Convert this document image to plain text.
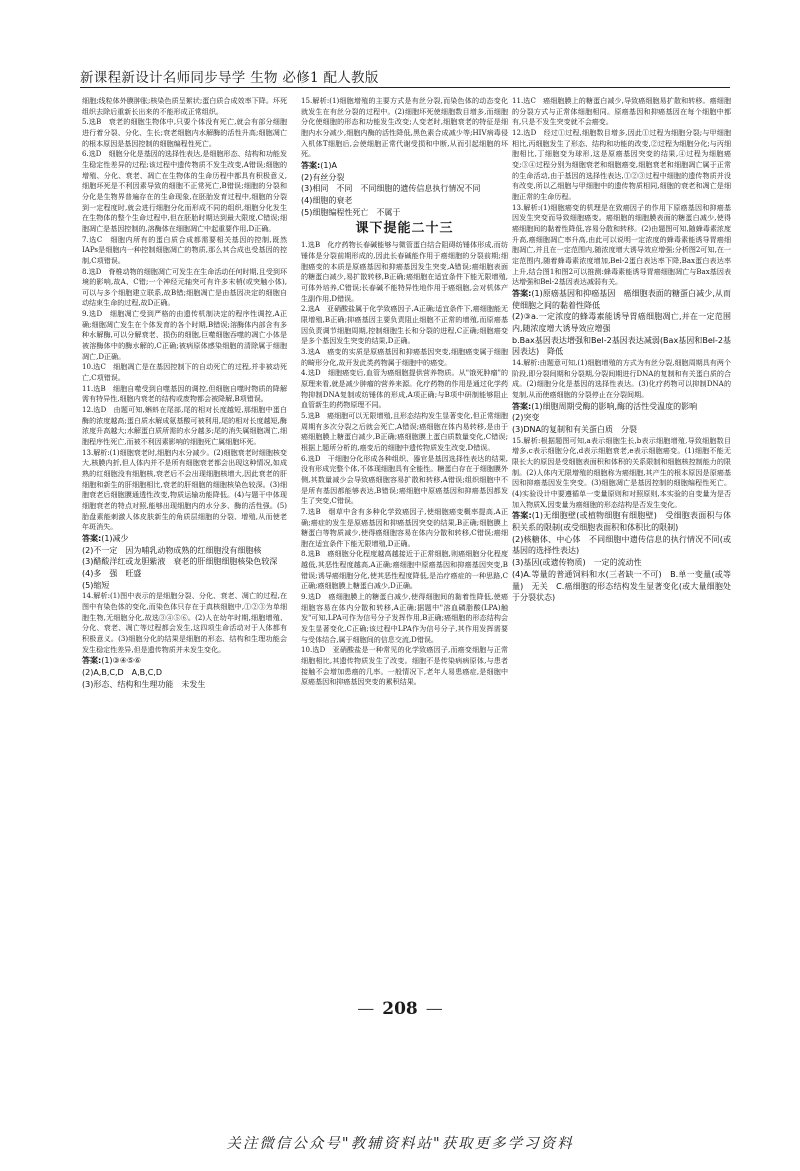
新课程新设计名师同步导学 生物 必修1 配人教版

细胞;线粒体外膜肿胀;核染色质呈絮状;蛋白质合成效率下降。坏死组织去除后重新长出来的不能形成正常组织。

5.选B　衰老的细胞生物体中,只要个体没有死亡,就会有部分细胞进行着分裂、分化、生长;衰老细胞内水解酶的活性升高;细胞凋亡的根本原因是基因控制的细胞编程性死亡。

6.选D　细胞分化是基因的选择性表达,是细胞形态、结构和功能发生稳定性差异的过程;该过程中遗传物质不发生改变,A错误;细胞的增殖、分化、衰老、凋亡在生物体的生命历程中都具有积极意义,细胞坏死是不利因素导致的细胞不正常死亡,B错误;细胞的分裂和分化是生物界普遍存在的生命现象,在胚胎发育过程中,细胞的分裂到一定程度时,就会进行细胞分化而形成不同的组织,细胞分化发生在生物体的整个生命过程中,但在胚胎时期达到最大限度,C错误;细胞凋亡是基因控制的,溶酶体在细胞凋亡中起重要作用,D正确。

7.选C　细胞内所有的蛋白质合成都需要相关基因的控制,既然IAPs是细胞内一种控制细胞凋亡的物质,那么其合成也受基因的控制,C项错误。

8.选D　脊椎动物的细胞凋亡可发生在生命活动任何时期,且受到环境的影响,故A、C错;一个神经元轴突可有许多末梢(或突触小体),可以与多个细胞建立联系,故B错;细胞凋亡是由基因决定的细胞自动结束生命的过程,故D正确。

9.选D　细胞凋亡受到严格的由遗传机制决定的程序性调控,A正确;细胞凋亡发生在个体发育的各个时期,B错误;溶酶体内部含有多种水解酶,可以分解衰老、损伤的细胞,巨噬细胞吞噬的凋亡小体是被溶酶体中的酶水解的,C正确;被病原体感染细胞的清除属于细胞凋亡,D正确。

10.选C　细胞凋亡是在基因控制下的自动死亡的过程,并非被动死亡,C项错误。

11.选B　细胞自噬受到自噬基因的调控,但细胞自噬时物质的降解需有特异性,细胞内衰老的结构或废物都会被降解,B项错误。

12.选D　由题可知,蝌蚪在尾部,尾的相对长度越短,那细胞中蛋白酶的浓度越高;蛋白质水解成氨基酸可被利用,尾的相对长度越短,酶浓度升高越大;水解蛋白质所需的水分越多;尾的消失属细胞凋亡,细胞程序性死亡,而被不利因素影响的细胞死亡属细胞坏死。

13.解析:(1)细胞衰老时,细胞内水分减少。(2)细胞衰老时细胞核变大,核膜内折,但人体内并不是所有细胞衰老都会出现这种情况,如成熟的红细胞没有细胞核,衰老后不会出现细胞核增大,因此衰老的肝细胞和新生的肝细胞相比,衰老的肝细胞的细胞核染色较深。(3)细胞衰老后细胞膜通透性改变,物质运输功能降低。(4)与题干中体现细胞衰老的特点对照,能够出现细胞内的水分多、酶的活性强。(5)胎盘素能刺激人体皮肤新生的角质层细胞的分裂、增殖,从而使老年斑消失。

答案:(1)减少

(2)不一定　因为哺乳动物成熟的红细胞没有细胞核

(3)醋酸洋红或龙胆紫液　衰老的肝细胞细胞核染色较深

(4)多　强　旺盛

(5)缩短

14.解析:(1)图中表示的是细胞分裂、分化、衰老、凋亡的过程,在图中有染色体的变化,而染色体只存在于真核细胞中,①②③为单细胞生物,无细胞分化,故选③④⑤⑥。(2)人在幼年时期,细胞增殖、分化、衰老、凋亡等过程都会发生,这四项生命活动对于人体都有积极意义。(3)细胞分化的结果是细胞的形态、结构和生理功能会发生稳定性差异,但是遗传物质并未发生变化。

答案:(1)③④⑤⑥

(2)A,B,C,D　A,B,C,D

(3)形态、结构和生理功能　未发生

15.解析:(1)细胞增殖的主要方式是有丝分裂,而染色体的动态变化就发生在有丝分裂的过程中。(2)细胞坏死使细胞数目增多,而细胞分化使细胞的形态和功能发生改变;人变老时,细胞衰老的特征是细胞内水分减少,细胞内酶的活性降低,黑色素合成减少等;HIV病毒侵入机体T细胞后,会使细胞正常代谢受损和中断,从而引起细胞的坏死。

答案:(1)A

(2)有丝分裂

(3)相同　不同　不同细胞的遗传信息执行情况不同

(4)细胞的衰老

(5)细胞编程性死亡　不属于

课下提能二十三

1.选B　化疗药物长春碱能够与微管蛋白结合阻碍纺锤体形成,而纺锤体是分裂前期形成的,因此长春碱能作用于癌细胞的分裂前期;细胞癌变的本质是原癌基因和抑癌基因发生突变,A错误;癌细胞表面的糖蛋白减少,易扩散转移,B正确;癌细胞在适宜条件下能无限增殖,可体外培养,C错误;长春碱不能特异性地作用于癌细胞,会对机体产生副作用,D错误。

2.选A　亚硝酸盐属于化学致癌因子,A正确;适宜条件下,癌细胞能无限增殖,B正确;抑癌基因主要负责阻止细胞不正常的增殖,而原癌基因负责调节细胞周期,控制细胞生长和分裂的进程,C正确;细胞癌变是多个基因发生突变的结果,D正确。

3.选A　癌变的实质是原癌基因和抑癌基因突变,细胞癌变属于细胞的畸形分化,故开发此类药物属于细胞中的癌变。

4.选D　细胞癌变后,血管为癌细胞提供营养物质。从"饿死肿瘤"的原理来看,就是减少肿瘤的营养来源。化疗药物的作用是通过化学药物抑制DNA复制或纺锤体的形成,A项正确;与B项中研制能够阻止血管新生的药物原理不同。

5.选B　癌细胞可以无限增殖,且形态结构发生显著变化,但正常细胞周期有多次分裂之后就会死亡,A错误;癌细胞在体内易转移,是由于癌细胞膜上糖蛋白减少,B正确;癌细胞膜上蛋白质数量变化,C错误;根据上题所分析的,癌变后的细胞中遗传物质发生改变,D错误。

6.选D　干细胞分化形成各种组织、器官是基因选择性表达的结果,没有形成完整个体,不体现细胞具有全能性。糖蛋白存在于细胞膜外侧,其数量减少会导致癌细胞容易扩散和转移,A错误;组织细胞中不是所有基因都能够表达,B错误;癌细胞中原癌基因和抑癌基因都发生了突变,C错误。

7.选B　烟草中含有多种化学致癌因子,使细胞癌变概率提高,A正确;癌症的发生是原癌基因和抑癌基因突变的结果,B正确;细胞膜上糖蛋白等物质减少,使得癌细胞容易在体内分散和转移,C错误;癌细胞在适宜条件下能无限增殖,D正确。

8.选B　癌细胞分化程度越高越接近于正常细胞,则癌细胞分化程度越低,其恶性程度越高,A正确;癌细胞中原癌基因和抑癌基因突变,B错误;诱导癌细胞分化,使其恶性程度降低,是治疗癌症的一种思路,C正确;癌细胞膜上糖蛋白减少,D正确。

9.选D　癌细胞膜上的糖蛋白减少,使得细胞间的黏着性降低,使癌细胞容易在体内分散和转移,A正确;据题中"溶血磷脂酸(LPA)触发"可知,LPA可作为信号分子发挥作用,B正确;癌细胞的形态结构会发生显著变化,C正确;该过程中LPA作为信号分子,其作用发挥需要与受体结合,属于细胞间的信息交流,D错误。

10.选D　亚硝酸盐是一种常见的化学致癌因子,而癌变细胞与正常细胞相比,其遗传物质发生了改变。细胞不是传染病病原体,与患者接触不会增加患癌的几率。一般情况下,老年人易患癌症,是细胞中原癌基因和抑癌基因突变的累积结果。

11.选C　癌细胞膜上的糖蛋白减少,导致癌细胞易扩散和转移。癌细胞的分裂方式与正常体细胞相同。原癌基因和抑癌基因在每个细胞中都有,只是不发生突变就不会癌变。

12.选D　经过①过程,细胞数目增多,因此①过程为细胞分裂;与甲细胞相比,丙细胞发生了形态、结构和功能的改变,②过程为细胞分化;与丙细胞相比,丁细胞变为球形,这是原癌基因突变的结果,④过程为细胞癌变;③④过程分别为细胞衰老和细胞癌变,细胞衰老和细胞凋亡属于正常的生命活动,由于基因的选择性表达,①②③过程中细胞的遗传物质并没有改变,所以乙细胞与甲细胞中的遗传物质相同,细胞的衰老和凋亡是细胞正常的生命历程。

13.解析:(1)细胞癌变的机理是在致癌因子的作用下原癌基因和抑癌基因发生突变而导致细胞癌变。癌细胞的细胞膜表面的糖蛋白减少,使得癌细胞间的黏着性降低,容易分散和转移。(2)由题图可知,随蜂毒素浓度升高,癌细胞凋亡率升高,由此可以说明一定浓度的蜂毒素能诱导胃癌细胞凋亡,并且在一定范围内,随浓度增大诱导效应增强;分析图2可知,在一定范围内,随着蜂毒素浓度增加,Bel-2蛋白表达率下降,Bax蛋白表达率上升,结合图1和图2可以推测:蜂毒素能诱导胃癌细胞凋亡与Bax基因表达增强和Bel-2基因表达减弱有关。

答案:(1)原癌基因和抑癌基因　癌细胞表面的糖蛋白减少,从而使细胞之间的黏着性降低

(2)③a.一定浓度的蜂毒素能诱导胃癌细胞凋亡,并在一定范围内,随浓度增大诱导效应增强

b.Bax基因表达增强和Bel-2基因表达减弱(Bax基因和Bel-2基因表达)　降低

14.解析:由题意可知,(1)细胞增殖的方式为有丝分裂,细胞周期具有两个阶段,即分裂间期和分裂期,分裂间期进行DNA的复制和有关蛋白质的合成。(2)细胞分化是基因的选择性表达。(3)化疗药物可以抑制DNA的复制,从而使癌细胞的分裂停止在分裂间期。

答案:(1)细胞周期受酶的影响,酶的活性受温度的影响

(2)突变

(3)DNA的复制和有关蛋白质　分裂

15.解析:根据题图可知,a表示细胞生长,b表示细胞增殖,导致细胞数目增多,c表示细胞分化,d表示细胞衰老,e表示细胞癌变。(1)细胞不能无限长大的原因是受细胞表面积和体积的关系限制和细胞核控制能力的限制。(2)人体内无限增殖的细胞称为癌细胞,其产生的根本原因是原癌基因和抑癌基因发生突变。(3)细胞凋亡是基因控制的细胞编程性死亡。(4)实验设计中要遵循单一变量原则和对照原则,本实验的自变量为是否加入物质X,因变量为癌细胞的形态结构是否发生变化。

答案:(1)无细胞壁(或植物细胞有细胞壁)　受细胞表面积与体积关系的限制(或受细胞表面积和体积比的限制)

(2)核糖体、中心体　不同细胞中遗传信息的执行情况不同(或基因的选择性表达)

(3)基因(或遗传物质)　一定的流动性

(4)A.等量的普通饲料和水(三者缺一不可)　B.单一变量(或等量)　无关　C.癌细胞的形态结构发生显著变化(或大量细胞处于分裂状态)

— 208 —
关注微信公众号"教辅资料站"获取更多学习资料
